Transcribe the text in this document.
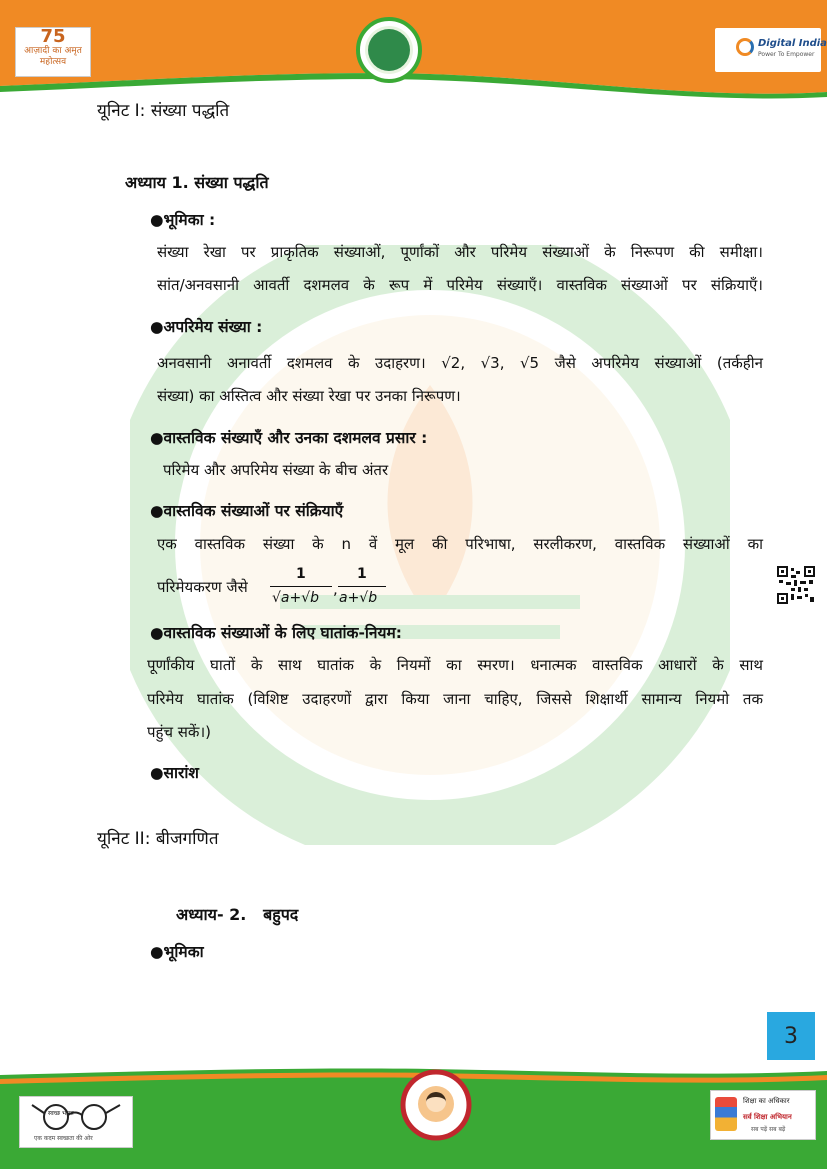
75
आज़ादी का अमृत महोत्सव
Digital India
Power To Empower
यूनिट I: संख्या पद्धति
अध्याय 1. संख्या पद्धति
●भूमिका :
संख्या रेखा पर प्राकृतिक संख्याओं, पूर्णांकों और परिमेय संख्याओं के निरूपण की समीक्षा।
सांत/अनवसानी आवर्ती दशमलव के रूप में परिमेय संख्याएँ। वास्तविक संख्याओं पर संक्रियाएँ।
●अपरिमेय संख्या :
अनवसानी अनावर्ती दशमलव के उदाहरण। √2, √3, √5 जैसे अपरिमेय संख्याओं (तर्कहीन
संख्या) का अस्तित्व और संख्या रेखा पर उनका निरूपण।
●वास्तविक संख्याएँ और उनका दशमलव प्रसार :
परिमेय और अपरिमेय संख्या के बीच अंतर
●वास्तविक संख्याओं पर संक्रियाएँ
एक वास्तविक संख्या के n वें मूल की परिभाषा, सरलीकरण, वास्तविक संख्याओं का
परिमेयकरण जैसे
1
√a+√b ,
1
a+√b
●वास्तविक संख्याओं के लिए घातांक-नियम:
पूर्णांकीय घातों के साथ घातांक के नियमों का स्मरण। धनात्मक वास्तविक आधारों के साथ
परिमेय घातांक (विशिष्ट उदाहरणों द्वारा किया जाना चाहिए, जिससे शिक्षार्थी सामान्य नियमो तक
पहुंच सकें।)
●सारांश
यूनिट II: बीजगणित
अध्याय- 2.   बहुपद
●भूमिका
3
स्वच्छ भारत
एक कदम स्वच्छता की ओर
शिक्षा का अधिकार
सर्व शिक्षा अभियान
सब पढ़ें सब बढ़ें
